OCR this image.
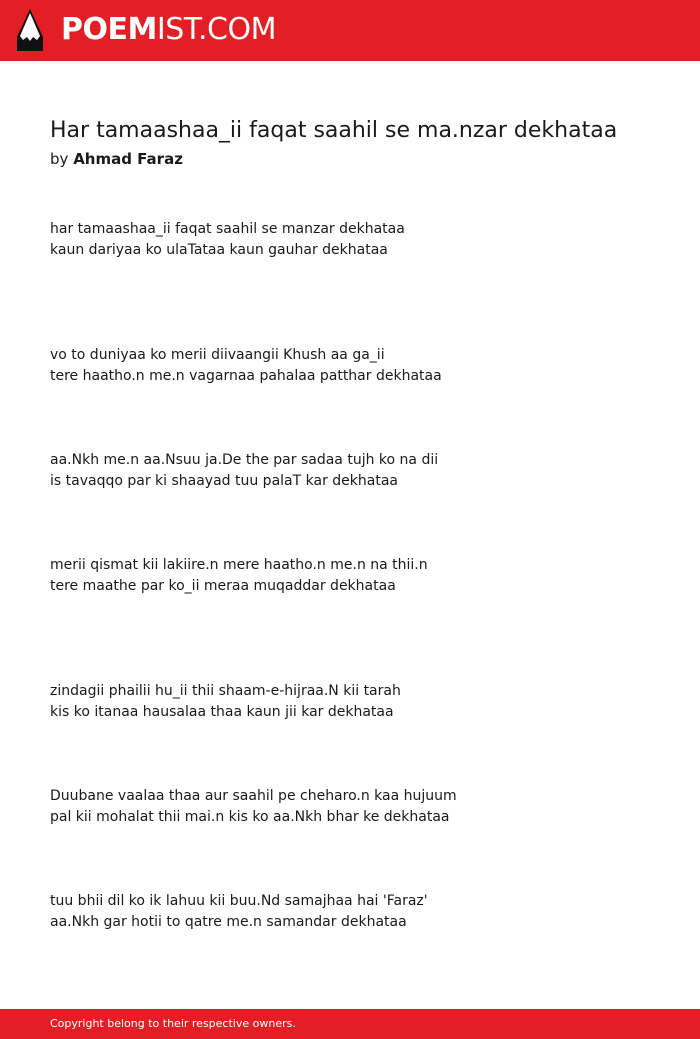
POEMIST.COM
Har tamaashaa_ii faqat saahil se ma.nzar dekhataa
by Ahmad Faraz
har tamaashaa_ii faqat saahil se manzar dekhataa
kaun dariyaa ko ulaTataa kaun gauhar dekhataa
vo to duniyaa ko merii diivaangii Khush aa ga_ii
tere haatho.n me.n vagarnaa pahalaa patthar dekhataa
aa.Nkh me.n aa.Nsuu ja.De the par sadaa tujh ko na dii
is tavaqqo par ki shaayad tuu palaT kar dekhataa
merii qismat kii lakiire.n mere haatho.n me.n na thii.n
tere maathe par ko_ii meraa muqaddar dekhataa
zindagii phailii hu_ii thii shaam-e-hijraa.N kii tarah
kis ko itanaa hausalaa thaa kaun jii kar dekhataa
Duubane vaalaa thaa aur saahil pe cheharo.n kaa hujuum
pal kii mohalat thii mai.n kis ko aa.Nkh bhar ke dekhataa
tuu bhii dil ko ik lahuu kii buu.Nd samajhaa hai 'Faraz'
aa.Nkh gar hotii to qatre me.n samandar dekhataa
Copyright belong to their respective owners.
